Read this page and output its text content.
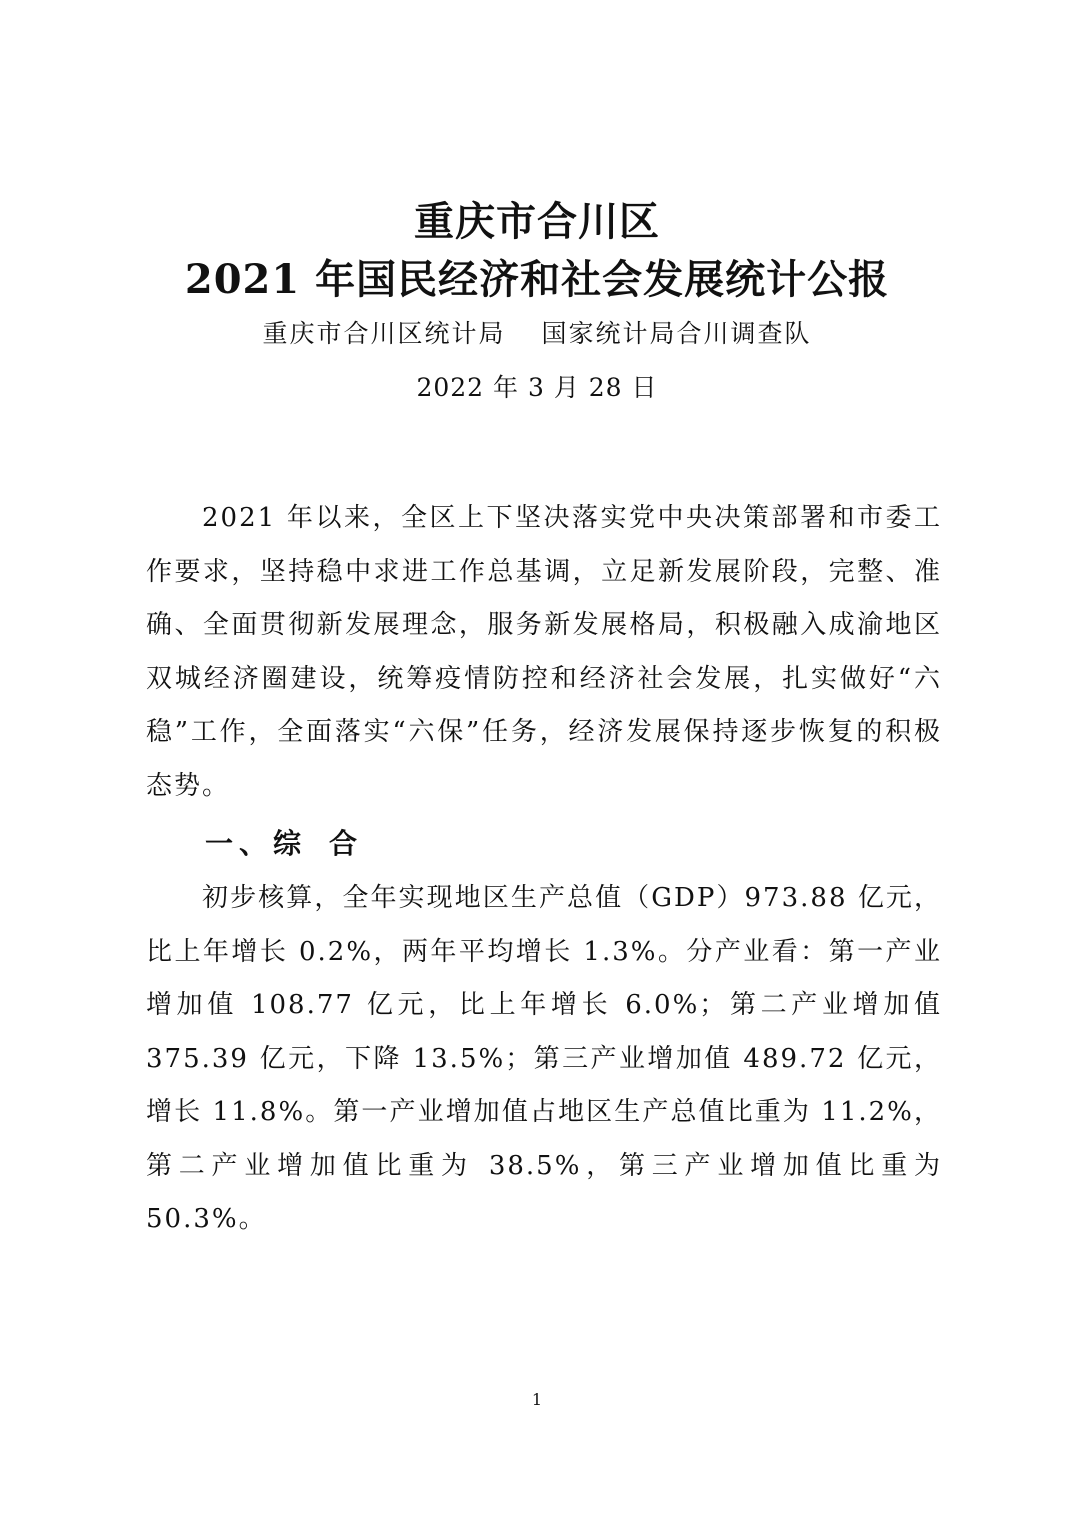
重庆市合川区
2021 年国民经济和社会发展统计公报
重庆市合川区统计局 国家统计局合川调查队
2022 年 3 月 28 日

2021 年以来，全区上下坚决落实党中央决策部署和市委工作要求，坚持稳中求进工作总基调，立足新发展阶段，完整、准确、全面贯彻新发展理念，服务新发展格局，积极融入成渝地区双城经济圈建设，统筹疫情防控和经济社会发展，扎实做好“六稳”工作，全面落实“六保”任务，经济发展保持逐步恢复的积极态势。

一、综 合

初步核算，全年实现地区生产总值（GDP）973.88 亿元，比上年增长 0.2%，两年平均增长 1.3%。分产业看：第一产业增加值 108.77 亿元，比上年增长 6.0%；第二产业增加值 375.39 亿元，下降 13.5%；第三产业增加值 489.72 亿元，增长 11.8%。第一产业增加值占地区生产总值比重为 11.2%，第二产业增加值比重为 38.5%，第三产业增加值比重为 50.3%。

1
